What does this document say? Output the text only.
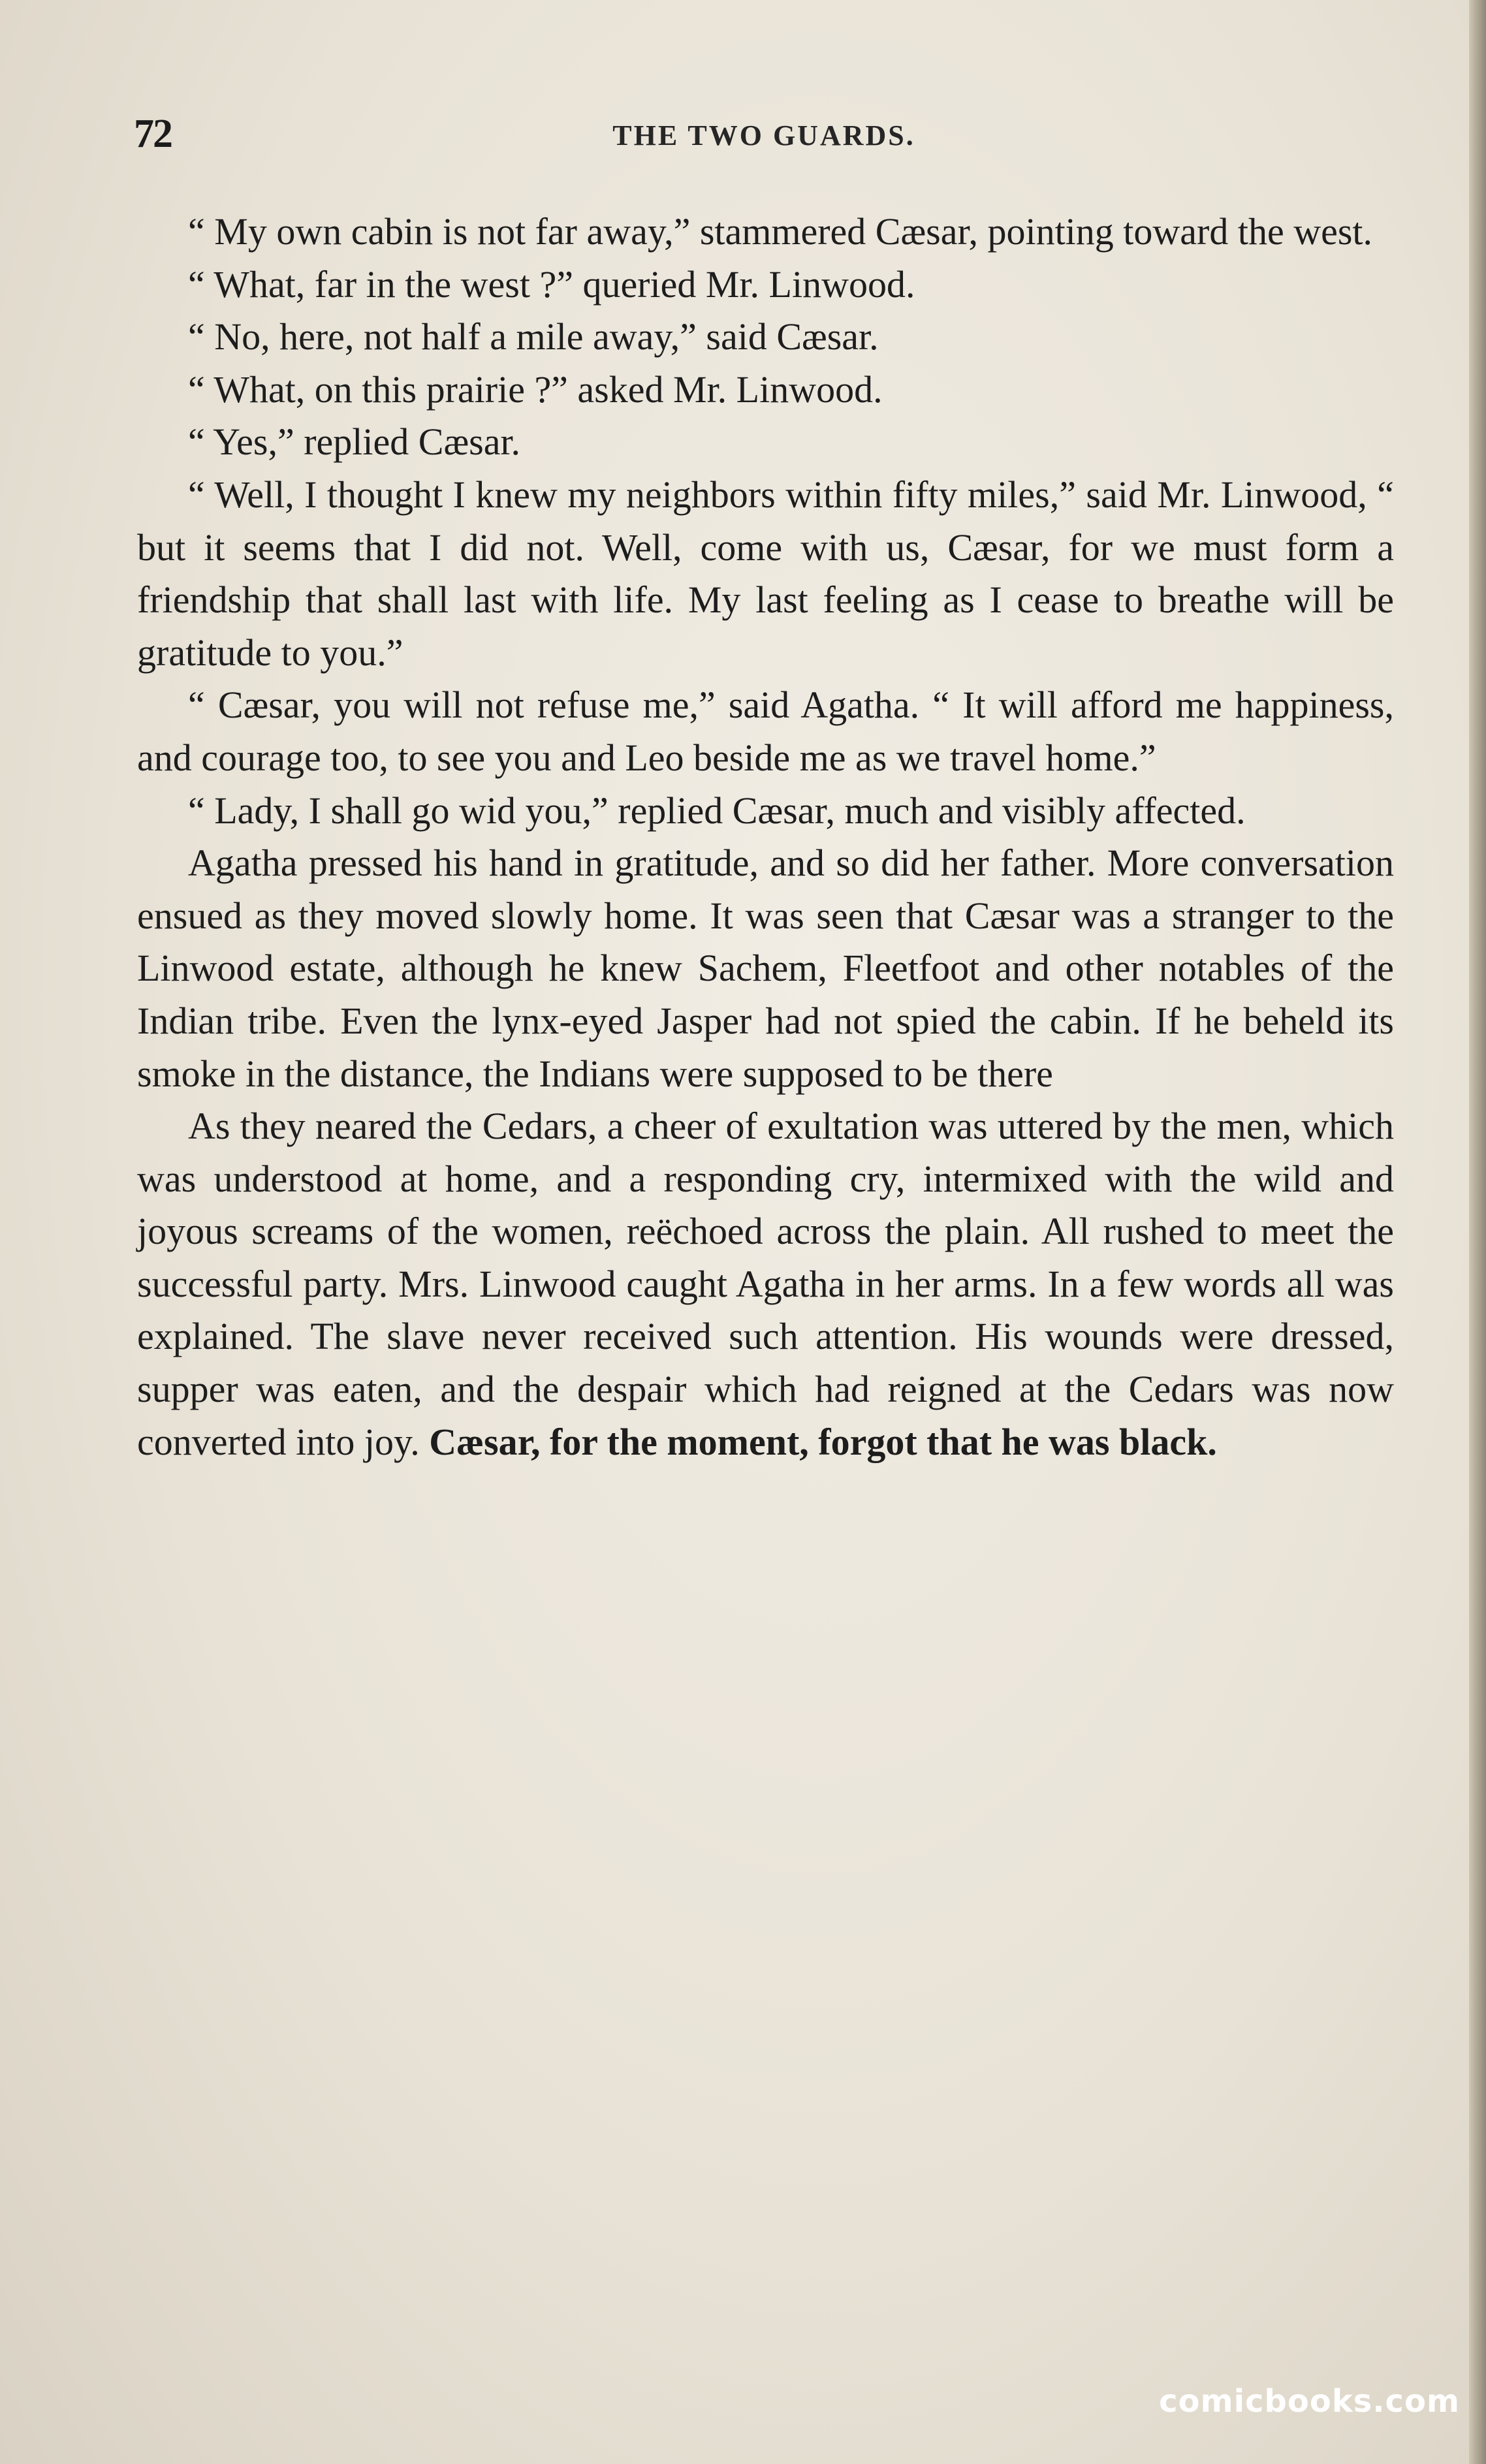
72	THE TWO GUARDS.

“ My own cabin is not far away,” stammered Cæsar, pointing toward the west.

“ What, far in the west ?” queried Mr. Linwood.

“ No, here, not half a mile away,” said Cæsar.

“ What, on this prairie ?” asked Mr. Linwood.

“ Yes,” replied Cæsar.

“ Well, I thought I knew my neighbors within fifty miles,” said Mr. Linwood, “ but it seems that I did not. Well, come with us, Cæsar, for we must form a friendship that shall last with life. My last feeling as I cease to breathe will be gratitude to you.”

“ Cæsar, you will not refuse me,” said Agatha. “ It will afford me happiness, and courage too, to see you and Leo beside me as we travel home.”

“ Lady, I shall go wid you,” replied Cæsar, much and visibly affected.

Agatha pressed his hand in gratitude, and so did her father. More conversation ensued as they moved slowly home. It was seen that Cæsar was a stranger to the Linwood estate, although he knew Sachem, Fleetfoot and other notables of the Indian tribe. Even the lynx-eyed Jasper had not spied the cabin. If he beheld its smoke in the distance, the Indians were supposed to be there

As they neared the Cedars, a cheer of exultation was uttered by the men, which was understood at home, and a responding cry, intermixed with the wild and joyous screams of the women, reëchoed across the plain. All rushed to meet the successful party. Mrs. Linwood caught Agatha in her arms. In a few words all was explained. The slave never received such attention. His wounds were dressed, supper was eaten, and the despair which had reigned at the Cedars was now converted into joy. Cæsar, for the moment, forgot that he was black.

comicbooks.com
